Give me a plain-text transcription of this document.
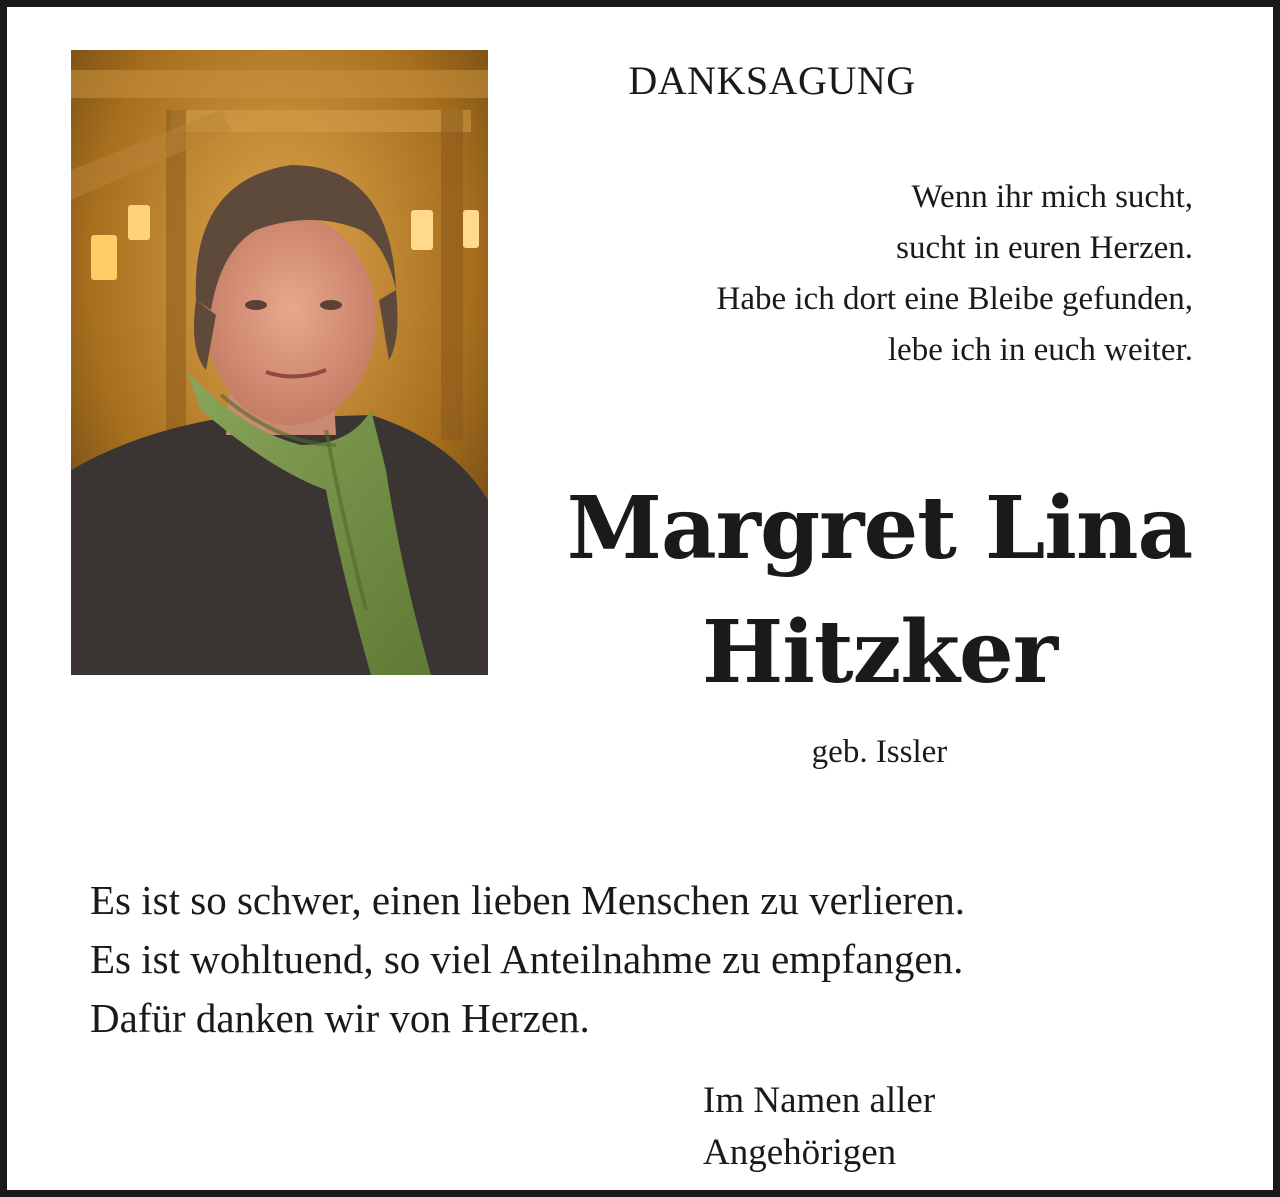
DANKSAGUNG
Wenn ihr mich sucht,
sucht in euren Herzen.
Habe ich dort eine Bleibe gefunden,
lebe ich in euch weiter.
Margret Lina
Hitzker
geb. Issler
Es ist so schwer, einen lieben Menschen zu verlieren.
Es ist wohltuend, so viel Anteilnahme zu empfangen.
Dafür danken wir von Herzen.
Im Namen aller
Angehörigen
